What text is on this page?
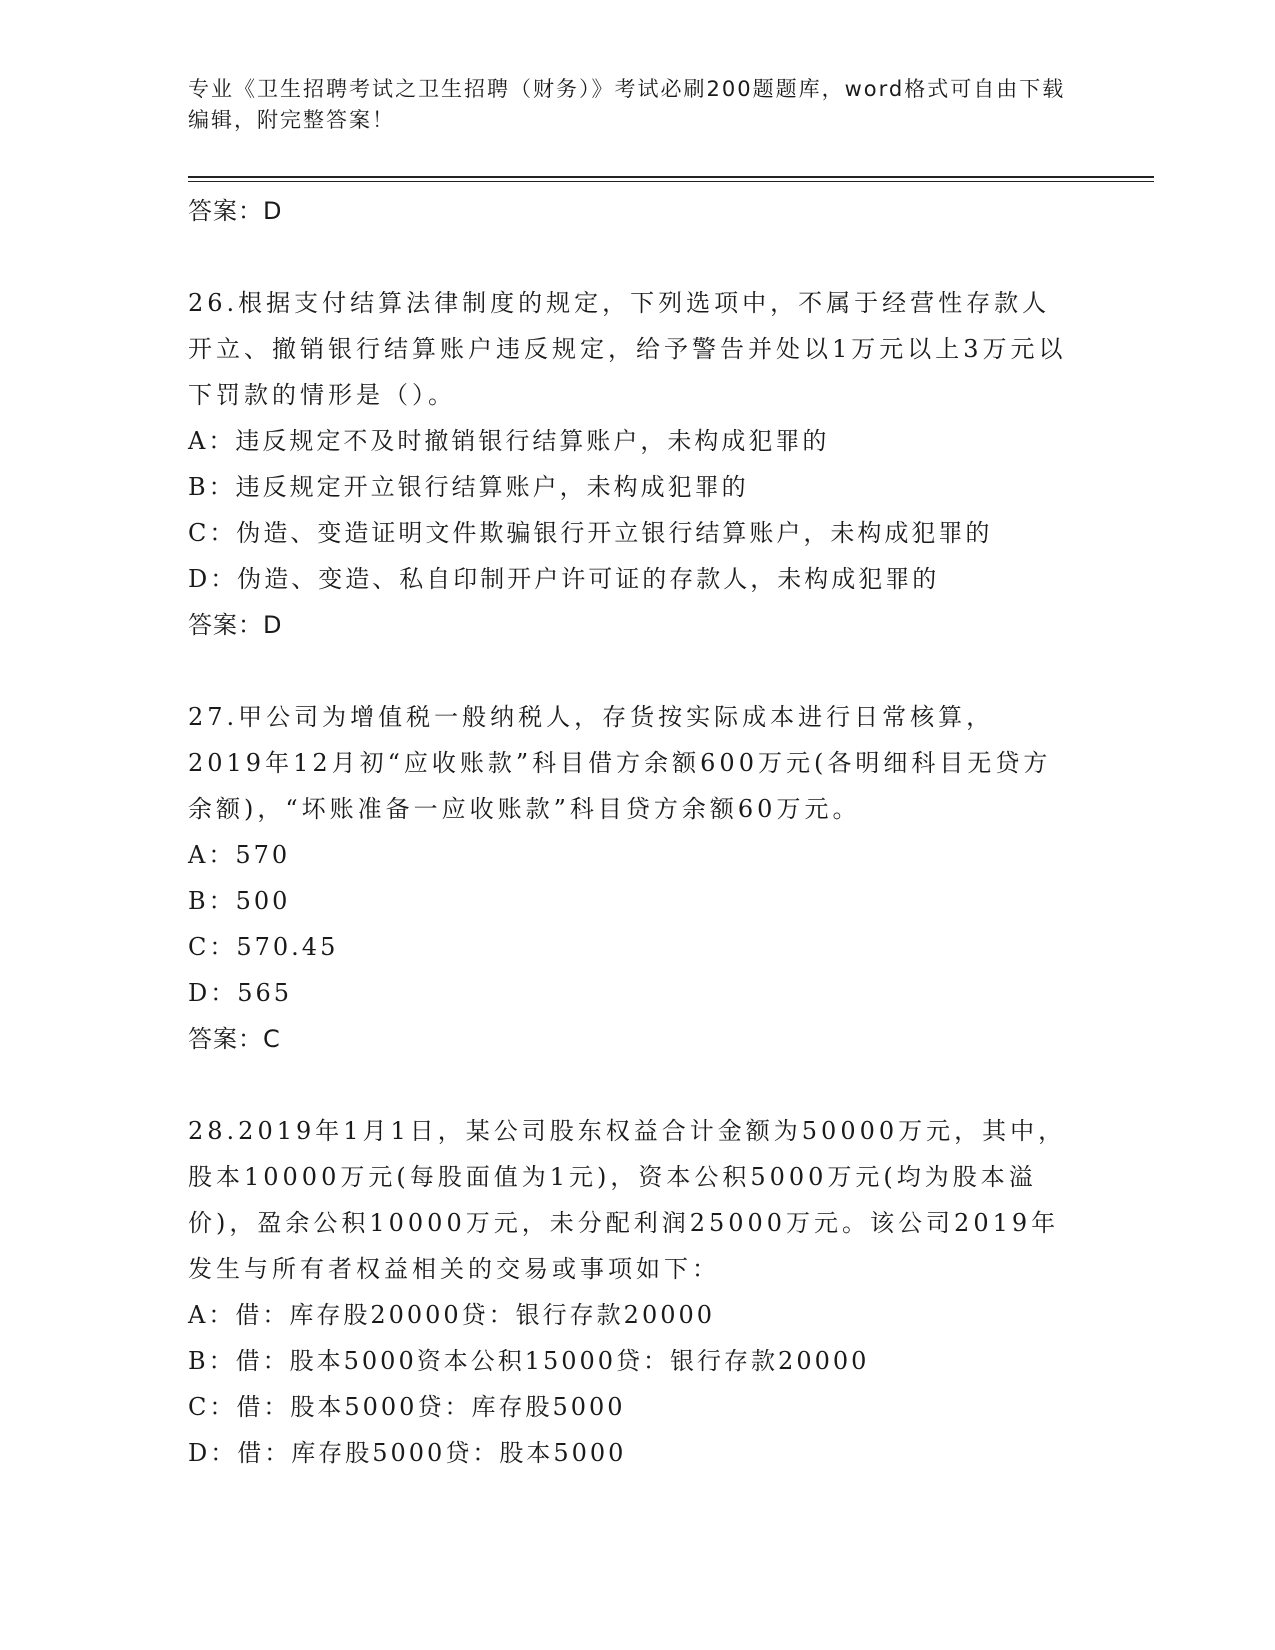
专业《卫生招聘考试之卫生招聘（财务）》考试必刷200题题库，word格式可自由下载编辑，附完整答案！

答案：D

26.根据支付结算法律制度的规定，下列选项中，不属于经营性存款人开立、撤销银行结算账户违反规定，给予警告并处以1万元以上3万元以下罚款的情形是（）。

A：违反规定不及时撤销银行结算账户，未构成犯罪的

B：违反规定开立银行结算账户，未构成犯罪的

C：伪造、变造证明文件欺骗银行开立银行结算账户，未构成犯罪的

D：伪造、变造、私自印制开户许可证的存款人，未构成犯罪的

答案：D

27.甲公司为增值税一般纳税人，存货按实际成本进行日常核算，2019年12月初“应收账款”科目借方余额600万元(各明细科目无贷方余额)，“坏账准备一应收账款”科目贷方余额60万元。

A：570

B：500

C：570.45

D：565

答案：C

28.2019年1月1日，某公司股东权益合计金额为50000万元，其中，股本10000万元(每股面值为1元)，资本公积5000万元(均为股本溢价)，盈余公积10000万元，未分配利润25000万元。该公司2019年发生与所有者权益相关的交易或事项如下：

A：借：库存股20000贷：银行存款20000

B：借：股本5000资本公积15000贷：银行存款20000

C：借：股本5000贷：库存股5000

D：借：库存股5000贷：股本5000
